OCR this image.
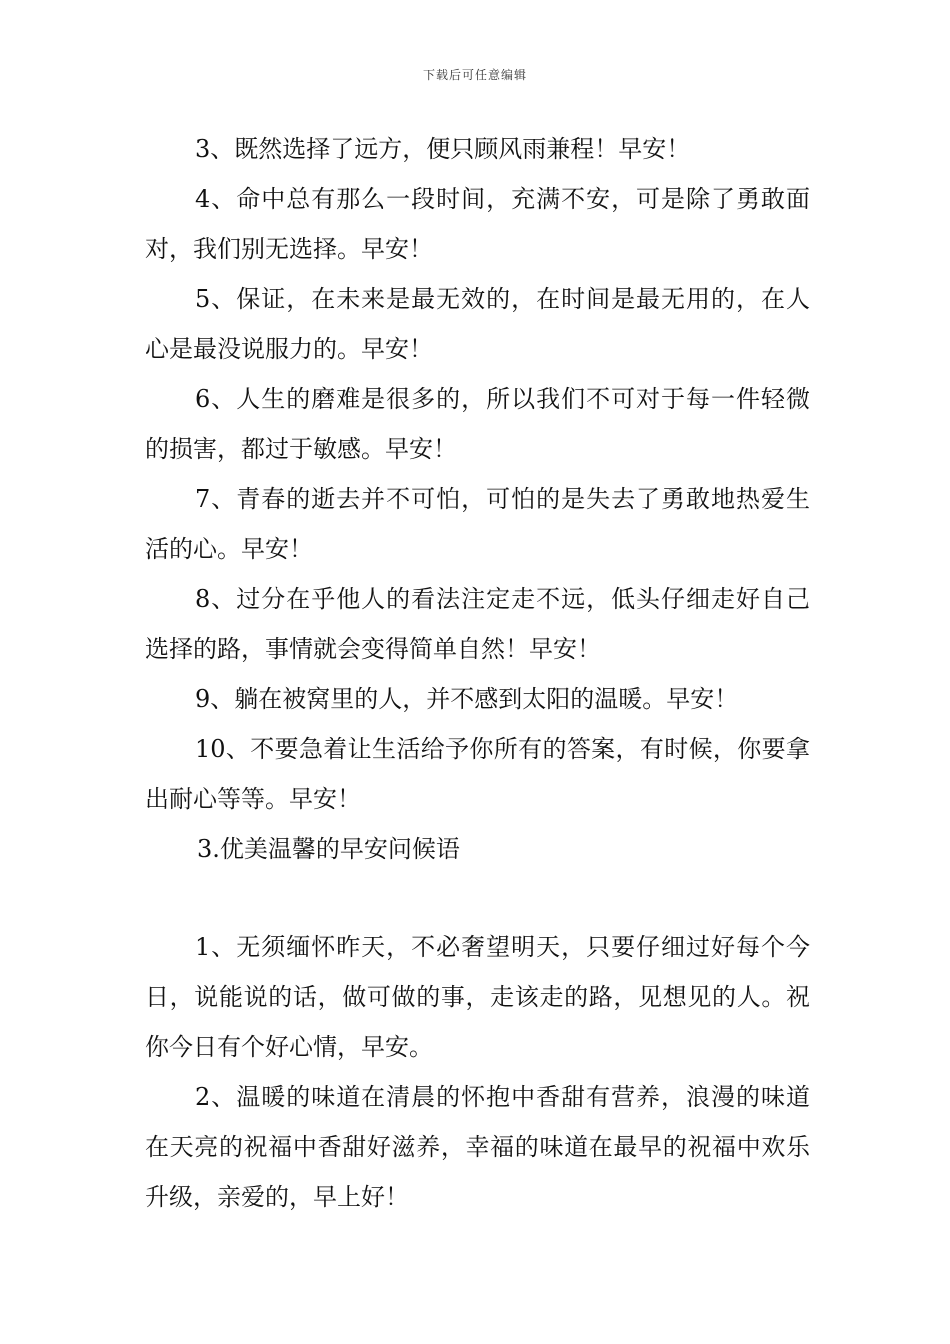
下载后可任意编辑

3、既然选择了远方，便只顾风雨兼程！早安！

4、命中总有那么一段时间，充满不安，可是除了勇敢面对，我们别无选择。早安！

5、保证，在未来是最无效的，在时间是最无用的，在人心是最没说服力的。早安！

6、人生的磨难是很多的，所以我们不可对于每一件轻微的损害，都过于敏感。早安！

7、青春的逝去并不可怕，可怕的是失去了勇敢地热爱生活的心。早安！

8、过分在乎他人的看法注定走不远，低头仔细走好自己选择的路，事情就会变得简单自然！早安！

9、躺在被窝里的人，并不感到太阳的温暖。早安！

10、不要急着让生活给予你所有的答案，有时候，你要拿出耐心等等。早安！

3.优美温馨的早安问候语

1、无须缅怀昨天，不必奢望明天，只要仔细过好每个今日，说能说的话，做可做的事，走该走的路，见想见的人。祝你今日有个好心情，早安。

2、温暖的味道在清晨的怀抱中香甜有营养，浪漫的味道在天亮的祝福中香甜好滋养，幸福的味道在最早的祝福中欢乐升级，亲爱的，早上好！
